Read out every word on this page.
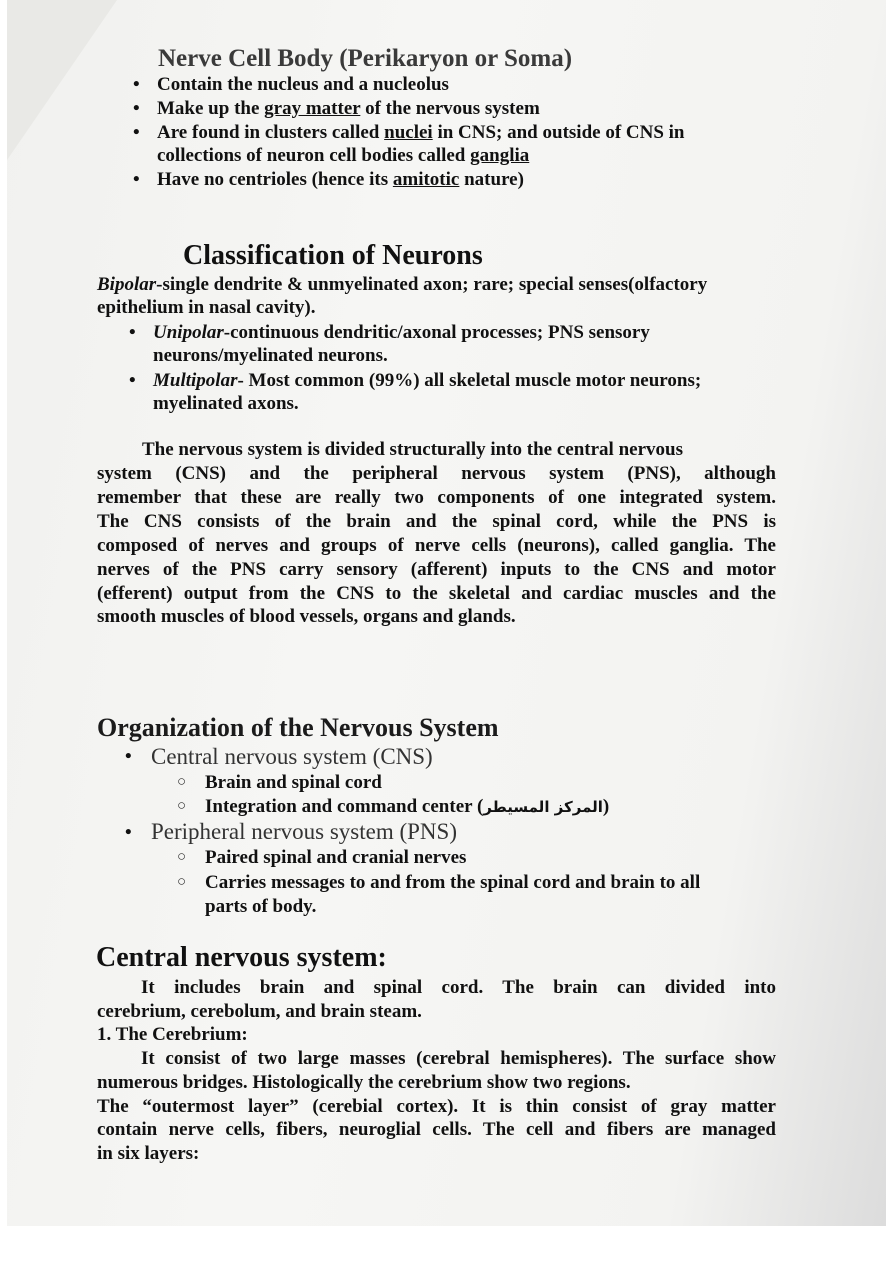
Nerve Cell Body (Perikaryon or Soma)
• Contain the nucleus and a nucleolus
• Make up the gray matter of the nervous system
• Are found in clusters called nuclei in CNS; and outside of CNS in
collections of neuron cell bodies called ganglia
• Have no centrioles (hence its amitotic nature)
Classification of Neurons
Bipolar-single dendrite & unmyelinated axon; rare; special senses(olfactory
epithelium in nasal cavity).
• Unipolar-continuous dendritic/axonal processes; PNS sensory
neurons/myelinated neurons.
• Multipolar- Most common (99%) all skeletal muscle motor neurons;
myelinated axons.
The nervous system is divided structurally into the central nervous
system (CNS) and the peripheral nervous system (PNS), although
remember that these are really two components of one integrated system.
The CNS consists of the brain and the spinal cord, while the PNS is
composed of nerves and groups of nerve cells (neurons), called ganglia. The
nerves of the PNS carry sensory (afferent) inputs to the CNS and motor
(efferent) output from the CNS to the skeletal and cardiac muscles and the
smooth muscles of blood vessels, organs and glands.
Organization of the Nervous System
• Central nervous system (CNS)
○ Brain and spinal cord
○ Integration and command center (المركز المسيطر)
• Peripheral nervous system (PNS)
○ Paired spinal and cranial nerves
○ Carries messages to and from the spinal cord and brain to all
parts of body.
Central nervous system:
It includes brain and spinal cord. The brain can divided into
cerebrium, cerebolum, and brain steam.
1. The Cerebrium:
It consist of two large masses (cerebral hemispheres). The surface show
numerous bridges. Histologically the cerebrium show two regions.
The “outermost layer” (cerebial cortex). It is thin consist of gray matter
contain nerve cells, fibers, neuroglial cells. The cell and fibers are managed
in six layers:
